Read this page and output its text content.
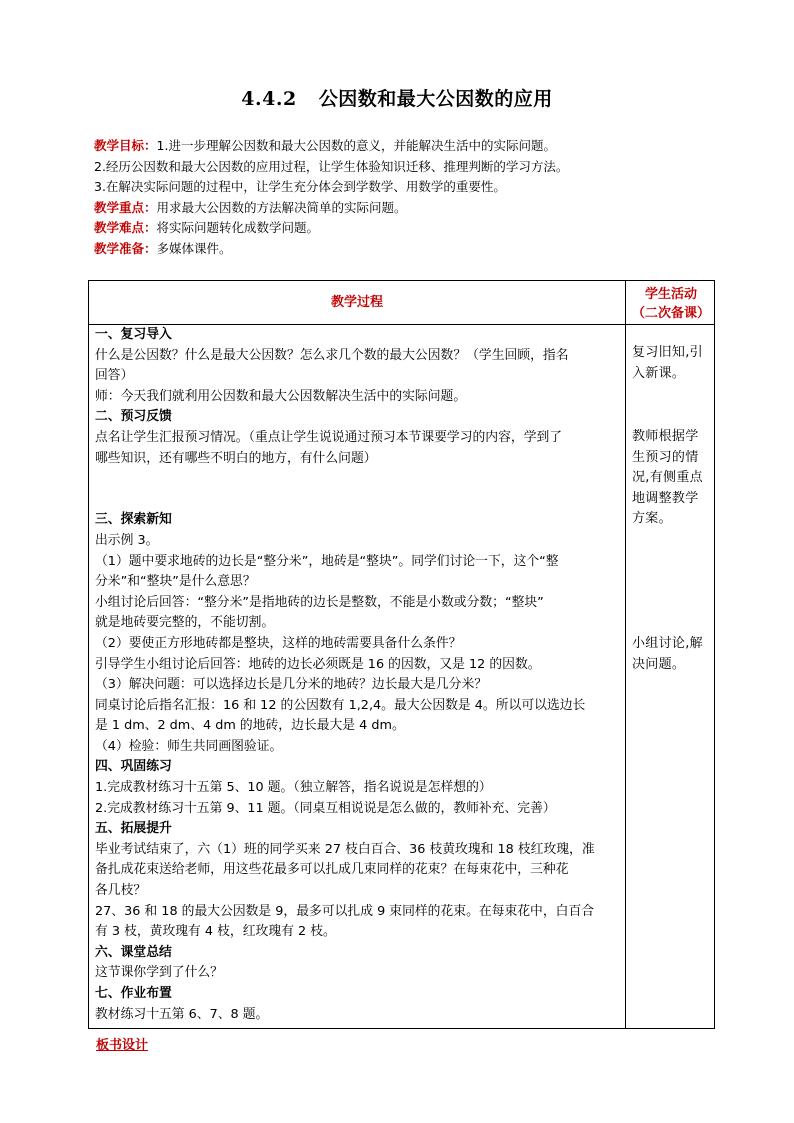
4.4.2 公因数和最大公因数的应用
教学目标：1.进一步理解公因数和最大公因数的意义，并能解决生活中的实际问题。
2.经历公因数和最大公因数的应用过程，让学生体验知识迁移、推理判断的学习方法。
3.在解决实际问题的过程中，让学生充分体会到学数学、用数学的重要性。
教学重点：用求最大公因数的方法解决简单的实际问题。
教学难点：将实际问题转化成数学问题。
教学准备：多媒体课件。
教学过程
学生活动
（二次备课）
一、复习导入
什么是公因数？什么是最大公因数？怎么求几个数的最大公因数？（学生回顾，指名
回答）
师：今天我们就利用公因数和最大公因数解决生活中的实际问题。
二、预习反馈
点名让学生汇报预习情况。（重点让学生说说通过预习本节课要学习的内容，学到了
哪些知识，还有哪些不明白的地方，有什么问题）
三、探索新知
出示例 3。
（1）题中要求地砖的边长是“整分米”，地砖是“整块”。同学们讨论一下，这个“整
分米”和“整块”是什么意思？
小组讨论后回答：“整分米”是指地砖的边长是整数，不能是小数或分数；“整块”
就是地砖要完整的，不能切割。
（2）要使正方形地砖都是整块，这样的地砖需要具备什么条件？
引导学生小组讨论后回答：地砖的边长必须既是 16 的因数，又是 12 的因数。
（3）解决问题：可以选择边长是几分米的地砖？边长最大是几分米？
同桌讨论后指名汇报：16 和 12 的公因数有 1,2,4。最大公因数是 4。所以可以选边长
是 1 dm、2 dm、4 dm 的地砖，边长最大是 4 dm。
（4）检验：师生共同画图验证。
四、巩固练习
1.完成教材练习十五第 5、10 题。（独立解答，指名说说是怎样想的）
2.完成教材练习十五第 9、11 题。（同桌互相说说是怎么做的，教师补充、完善）
五、拓展提升
毕业考试结束了，六（1）班的同学买来 27 枝白百合、36 枝黄玫瑰和 18 枝红玫瑰，准
备扎成花束送给老师，用这些花最多可以扎成几束同样的花束？在每束花中，三种花
各几枝？
27、36 和 18 的最大公因数是 9，最多可以扎成 9 束同样的花束。在每束花中，白百合
有 3 枝，黄玫瑰有 4 枝，红玫瑰有 2 枝。
六、课堂总结
这节课你学到了什么？
七、作业布置
教材练习十五第 6、7、8 题。
复习旧知,引
入新课。
教师根据学
生预习的情
况,有侧重点
地调整教学
方案。
小组讨论,解
决问题。
板书设计
